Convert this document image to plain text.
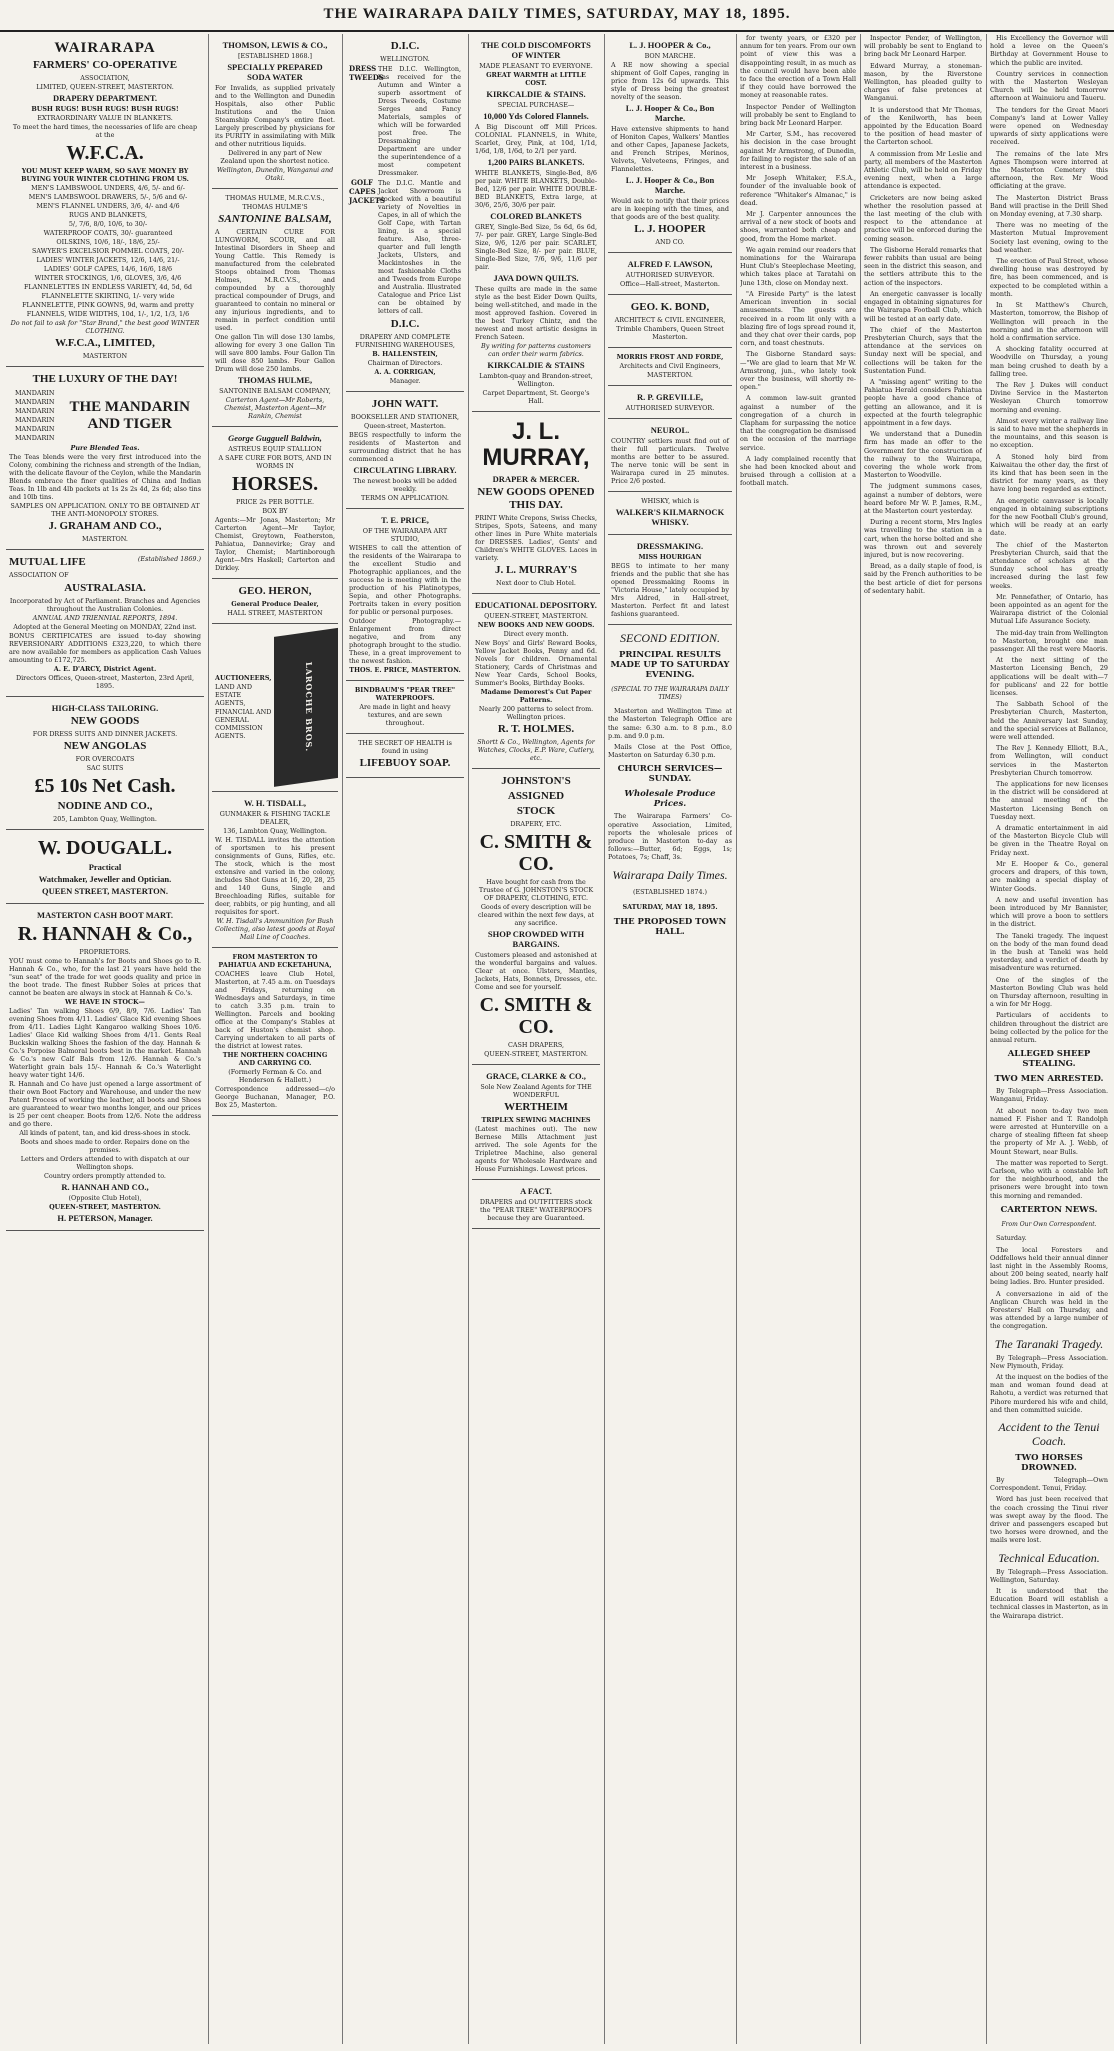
THE WAIRARAPA DAILY TIMES, SATURDAY, MAY 18, 1895.
WAIRARAPA
FARMERS' CO-OPERATIVE

ASSOCIATION,

LIMITED, QUEEN-STREET, MASTERTON.

DRAPERY DEPARTMENT.

BUSH RUGS! BUSH RUGS! BUSH RUGS!

EXTRAORDINARY VALUE IN BLANKETS.

To meet the hard times, the necessaries of life are cheap at the

W.F.C.A.

YOU MUST KEEP WARM, SO SAVE MONEY BY BUYING YOUR WINTER CLOTHING FROM US.

MEN'S LAMBSWOOL UNDERS, 4/6, 5/- and 6/-

MEN'S LAMBSWOOL DRAWERS, 5/-, 5/6 and 6/-

MEN'S FLANNEL UNDERS, 3/6, 4/- and 4/6

RUGS AND BLANKETS,

5/, 7/6, 8/0, 10/6, to 30/-

WATERPROOF COATS, 30/- guaranteed

OILSKINS, 10/6, 18/-, 18/6, 25/-

SAWYER'S EXCELSIOR POMMEL COATS, 20/-

LADIES' WINTER JACKETS, 12/6, 14/6, 21/-

LADIES' GOLF CAPES, 14/6, 16/6, 18/6

WINTER STOCKINGS, 1/6, GLOVES, 3/6, 4/6

FLANNELETTES IN ENDLESS VARIETY, 4d, 5d, 6d

FLANNELETTE SKIRTING, 1/- very wide

FLANNELETTE, PINK GOWNS, 9d, warm and pretty

FLANNELS, WIDE WIDTHS, 10d, 1/-, 1/2, 1/3, 1/6

Do not fail to ask for "Star Brand," the best good WINTER CLOTHING.

W.F.C.A., LIMITED,

MASTERTON

THE LUXURY OF THE DAY!

MANDARIN

MANDARIN

MANDARIN

MANDARIN

MANDARIN

MANDARIN

THE MANDARIN AND TIGER

Pure Blended Teas.

The Teas blends were the very first introduced into the Colony, combining the richness and strength of the Indian, with the delicate flavour of the Ceylon, while the Mandarin Blends embrace the finer qualities of China and Indian Teas. In 1lb and 4lb packets at 1s 2s 2s 4d, 2s 6d; also tins and 10lb tins.

SAMPLES ON APPLICATION. ONLY TO BE OBTAINED AT THE ANTI-MONOPOLY STORES.

J. GRAHAM AND CO.,

MASTERTON.

MUTUAL LIFE

ASSOCIATION OF

(Established 1869.)

AUSTRALASIA.

Incorporated by Act of Parliament. Branches and Agencies throughout the Australian Colonies.

ANNUAL AND TRIENNIAL REPORTS, 1894.

Adopted at the General Meeting on MONDAY, 22nd inst.

BONUS CERTIFICATES are issued to-day showing REVERSIONARY ADDITIONS £323,220, to which there are now available for members as application Cash Values amounting to £172,725.

A. E. D'ARCY, District Agent.

Directors Offices, Queen-street, Masterton, 23rd April, 1895.

HIGH-CLASS TAILORING.
NEW GOODS

FOR DRESS SUITS AND DINNER JACKETS.

NEW ANGOLAS

FOR OVERCOATS

SAC SUITS

£5 10s Net Cash.
NODINE AND CO.,

205, Lambton Quay, Wellington.

W. DOUGALL.
Practical
Watchmaker, Jeweller and Optician.
QUEEN STREET, MASTERTON.
MASTERTON CASH BOOT MART.
R. HANNAH & Co.,

PROPRIETORS.

YOU must come to Hannah's for Boots and Shoes go to R. Hannah & Co., who, for the last 21 years have held the "sun seat" of the trade for wet goods quality and price in the boot trade. The finest Rubber Soles at prices that cannot be beaten are always in stock at Hannah & Co.'s.

WE HAVE IN STOCK—

Ladies' Tan walking Shoes 6/9, 8/9, 7/6. Ladies' Tan evening Shoes from 4/11. Ladies' Glace Kid evening Shoes from 4/11. Ladies Light Kangaroo walking Shoes 10/6. Ladies' Glace Kid walking Shoes from 4/11. Gents Real Buckskin walking Shoes the fashion of the day. Hannah & Co.'s Porpoise Balmoral boots best in the market. Hannah & Co.'s new Calf Bals from 12/6. Hannah & Co.'s Waterlight grain bals 15/-. Hannah & Co.'s Waterlight heavy water tight 14/6.

R. Hannah and Co have just opened a large assortment of their own Boot Factory and Warehouse, and under the new Patent Process of working the leather, all boots and Shoes are guaranteed to wear two months longer, and our prices is 25 per cent cheaper. Boots from 12/6. Note the address and go there.

All kinds of patent, tan, and kid dress-shoes in stock.

Boots and shoes made to order. Repairs done on the premises.

Letters and Orders attended to with dispatch at our Wellington shops.

Country orders promptly attended to.

R. HANNAH AND CO.,

(Opposite Club Hotel),

QUEEN-STREET, MASTERTON.

H. PETERSON, Manager.
THOMSON, LEWIS & CO.,

[ESTABLISHED 1868.]

SPECIALLY PREPARED SODA WATER

For Invalids, as supplied privately and to the Wellington and Dunedin Hospitals, also other Public Institutions and the Union Steamship Company's entire fleet. Largely prescribed by physicians for its PURITY in assimilating with Milk and other nutritious liquids.

Delivered in any part of New Zealand upon the shortest notice.

Wellington, Dunedin, Wanganui and Otaki.

THOMAS HULME, M.R.C.V.S.,

THOMAS HULME'S

SANTONINE BALSAM,

A CERTAIN CURE FOR LUNGWORM, SCOUR, and all Intestinal Disorders in Sheep and Young Cattle. This Remedy is manufactured from the celebrated Stoops obtained from Thomas Holmes, M.R.C.V.S., and compounded by a thoroughly practical compounder of Drugs, and guaranteed to contain no mineral or any injurious ingredients, and to remain in perfect condition until used.

One gallon Tin will dose 130 lambs, allowing for every 3 one Gallon Tin will save 800 lambs. Four Gallon Tin will dose 850 lambs. Four Gallon Drum will dose 250 lambs.

THOMAS HULME,

SANTONINE BALSAM COMPANY,

Carterton Agent—Mr Roberts, Chemist, Masterton Agent—Mr Rankin, Chemist

George Gugguell Baldwin,

ASTREUS EQUIP STALLION

A SAFE CURE FOR BOTS, AND IN WORMS IN

HORSES.

PRICE 2s PER BOTTLE.

BOX BY

Agents:—Mr Jonas, Masterton; Mr Carterton Agent—Mr Taylor, Chemist, Greytown, Featherston, Pahiatua, Dannevirke; Gray and Taylor, Chemist; Martinborough Agent—Mrs Haskell; Carterton and Dirkley.

GEO. HERON,

General Produce Dealer,

HALL STREET, MASTERTON

AUCTIONEERS,

LAND AND ESTATE AGENTS,

FINANCIAL AND GENERAL COMMISSION AGENTS.	LAROCHE BROS.
W. H. TISDALL,

GUNMAKER & FISHING TACKLE DEALER,

136, Lambton Quay, Wellington.

W. H. TISDALL invites the attention of sportsmen to his present consignments of Guns, Rifles, etc. The stock, which is the most extensive and varied in the colony, includes Shot Guns at 16, 20, 28, 25 and 140 Guns, Single and Breechloading Rifles, suitable for deer, rabbits, or pig hunting, and all requisites for sport.

W. H. Tisdall's Ammunition for Bush Collecting, also latest goods at Royal Mail Line of Coaches.

FROM MASTERTON TO PAHIATUA AND ECKETAHUNA,

COACHES leave Club Hotel, Masterton, at 7.45 a.m. on Tuesdays and Fridays, returning on Wednesdays and Saturdays, in time to catch 3.35 p.m. train to Wellington. Parcels and booking office at the Company's Stables at back of Huston's chemist shop. Carrying undertaken to all parts of the district at lowest rates.

THE NORTHERN COACHING AND CARRYING CO.

(Formerly Ferman & Co. and Henderson & Hallett.)

Correspondence addressed—c/o George Buchanan, Manager, P.O. Box 25, Masterton.

D.I.C.

WELLINGTON.

DRESS
TWEEDS

THE D.I.C. Wellington, has received for the Autumn and Winter a superb assortment of Dress Tweeds, Costume Serges and Fancy Materials, samples of which will be forwarded post free. The Dressmaking Department are under the superintendence of a most competent Dressmaker.

GOLF
CAPES
JACKETS

The D.I.C. Mantle and Jacket Showroom is stocked with a beautiful variety of Novelties in Capes, in all of which the Golf Cape, with Tartan lining, is a special feature. Also, three-quarter and full length Jackets, Ulsters, and Mackintoshes in the most fashionable Cloths and Tweeds from Europe and Australia. Illustrated Catalogue and Price List can be obtained by letters of call.

D.I.C.

DRAPERY AND COMPLETE FURNISHING WAREHOUSES,

B. HALLENSTEIN,

Chairman of Directors.

A. A. CORRIGAN,

Manager.

JOHN WATT.

BOOKSELLER AND STATIONER,

Queen-street, Masterton.

BEGS respectfully to inform the residents of Masterton and surrounding district that he has commenced a

CIRCULATING LIBRARY.

The newest books will be added weekly.

TERMS ON APPLICATION.

T. E. PRICE,

OF THE WAIRARAPA ART STUDIO,

WISHES to call the attention of the residents of the Wairarapa to the excellent Studio and Photographic appliances, and the success he is meeting with in the production of his Platinotypes, Sepia, and other Photographs. Portraits taken in every position for public or personal purposes.

Outdoor Photography.—Enlargement from direct negative, and from any photograph brought to the studio. These, in a great improvement to the newest fashion.

THOS. E. PRICE, MASTERTON.

BINDBAUM'S "PEAR TREE" WATERPROOFS.

Are made in light and heavy textures, and are sewn throughout.

THE SECRET OF HEALTH is found in using

LIFEBUOY SOAP.
THE COLD DISCOMFORTS OF WINTER

MADE PLEASANT TO EVERYONE.

GREAT WARMTH at LITTLE COST.

KIRKCALDIE & STAINS.

SPECIAL PURCHASE—

10,000 Yds Colored Flannels.

A Big Discount off Mill Prices. COLONIAL FLANNELS, in White, Scarlet, Grey, Pink, at 10d, 1/1d, 1/6d, 1/8, 1/6d, to 2/1 per yard.

1,200 PAIRS BLANKETS.

WHITE BLANKETS, Single-Bed, 8/6 per pair. WHITE BLANKETS, Double-Bed, 12/6 per pair. WHITE DOUBLE-BED BLANKETS, Extra large, at 30/6, 25/6, 30/6 per pair.

COLORED BLANKETS

GREY, Single-Bed Size, 5s 6d, 6s 6d, 7/- per pair. GREY, Large Single-Bed Size, 9/6, 12/6 per pair. SCARLET, Single-Bed Size, 8/- per pair. BLUE, Single-Bed Size, 7/6, 9/6, 11/6 per pair.

JAVA DOWN QUILTS.

These quilts are made in the same style as the best Eider Down Quilts, being well-stitched, and made in the most approved fashion. Covered in the best Turkey Chintz, and the newest and most artistic designs in French Sateen.

By writing for patterns customers can order their warm fabrics.

KIRKCALDIE & STAINS

Lambton-quay and Brandon-street, Wellington.

Carpet Department, St. George's Hall.

J. L. MURRAY,
DRAPER & MERCER.
NEW GOODS OPENED THIS DAY.

PRINT White Crepons, Swiss Checks, Stripes, Spots, Sateens, and many other lines in Pure White materials for DRESSES. Ladies', Gents' and Children's WHITE GLOVES. Laces in variety.

J. L. MURRAY'S

Next door to Club Hotel.

EDUCATIONAL DEPOSITORY.

QUEEN-STREET, MASTERTON.

NEW BOOKS AND NEW GOODS.

Direct every month.

New Boys' and Girls' Reward Books, Yellow Jacket Books, Penny and 6d. Novels for children. Ornamental Stationery, Cards of Christmas and New Year Cards, School Books, Summer's Books, Birthday Books.

Madame Demorest's Cut Paper Patterns.

Nearly 200 patterns to select from. Wellington prices.

R. T. HOLMES.

Shortt & Co., Wellington, Agents for Watches, Clocks, E.P. Ware, Cutlery, etc.

JOHNSTON'S
ASSIGNED
STOCK

DRAPERY, ETC.

C. SMITH & CO.

Have bought for cash from the Trustee of G. JOHNSTON'S STOCK OF DRAPERY, CLOTHING, ETC.

Goods of every description will be cleared within the next few days, at any sacrifice.

SHOP CROWDED WITH BARGAINS.

Customers pleased and astonished at the wonderful bargains and values. Clear at once. Ulsters, Mantles, Jackets, Hats, Bonnets, Dresses, etc. Come and see for yourself.

C. SMITH & CO.

CASH DRAPERS,

QUEEN-STREET, MASTERTON.

GRACE, CLARKE & CO.,

Sole New Zealand Agents for THE WONDERFUL

WERTHEIM

TRIPLEX SEWING MACHINES

(Latest machines out). The new Bernese Mills Attachment just arrived. The sole Agents for the Tripletree Machine, also general agents for Wholesale Hardware and House Furnishings. Lowest prices.

A FACT.

DRAPERS and OUTFITTERS stock the "PEAR TREE" WATERPROOFS because they are Guaranteed.

L. J. HOOPER & Co.,

BON MARCHE.

A RE now showing a special shipment of Golf Capes, ranging in price from 12s 6d upwards. This style of Dress being the greatest novelty of the season.

L. J. Hooper & Co., Bon Marche.

Have extensive shipments to hand of Honiton Capes, Walkers' Mantles and other Capes, Japanese Jackets, and French Stripes, Merinos, Velvets, Velveteens, Fringes, and Flannelettes.

L. J. Hooper & Co., Bon Marche.

Would ask to notify that their prices are in keeping with the times, and that goods are of the best quality.

L. J. HOOPER

AND CO.

ALFRED F. LAWSON,

AUTHORISED SURVEYOR.

Office—Hall-street, Masterton.

GEO. K. BOND,

ARCHITECT & CIVIL ENGINEER,

Trimble Chambers, Queen Street Masterton.

MORRIS FROST AND FORDE,

Architects and Civil Engineers,

MASTERTON.

R. P. GREVILLE,

AUTHORISED SURVEYOR.

NEUROL.

COUNTRY settlers must find out of their full particulars. Twelve months are better to be assured. The nerve tonic will be sent in Wairarapa cured in 25 minutes. Price 2/6 posted.

WHISKY, which is

WALKER'S KILMARNOCK WHISKY.
DRESSMAKING.

MISS HOURIGAN

BEGS to intimate to her many friends and the public that she has opened Dressmaking Rooms in "Victoria House," lately occupied by Mrs Aldred, in Hall-street, Masterton. Perfect fit and latest fashions guaranteed.

SECOND EDITION.
PRINCIPAL RESULTS MADE UP TO SATURDAY EVENING.

(SPECIAL TO THE WAIRARAPA DAILY TIMES)

Masterton and Wellington Time at the Masterton Telegraph Office are the same: 6.30 a.m. to 8 p.m., 8.0 p.m. and 9.0 p.m.

Mails Close at the Post Office, Masterton on Saturday 6.30 p.m.

CHURCH SERVICES—SUNDAY.
Wholesale Produce Prices.

The Wairarapa Farmers' Co-operative Association, Limited, reports the wholesale prices of produce in Masterton to-day as follows:—Butter, 6d; Eggs, 1s; Potatoes, 7s; Chaff, 3s.

Wairarapa Daily Times.

(ESTABLISHED 1874.)

SATURDAY, MAY 18, 1895.

THE PROPOSED TOWN HALL.

for twenty years, or £320 per annum for ten years. From our own point of view this was a disappointing result, in as much as the council would have been able to face the erection of a Town Hall if they could have borrowed the money at reasonable rates.

Inspector Pender of Wellington will probably be sent to England to bring back Mr Leonard Harper.

Mr Carter, S.M., has recovered his decision in the case brought against Mr Armstrong, of Dunedin, for failing to register the sale of an interest in a business.

Mr Joseph Whitaker, F.S.A., founder of the invaluable book of reference "Whitaker's Almanac," is dead.

Mr J. Carpenter announces the arrival of a new stock of boots and shoes, warranted both cheap and good, from the Home market.

We again remind our readers that nominations for the Wairarapa Hunt Club's Steeplechase Meeting, which takes place at Taratahi on June 13th, close on Monday next.

"A Fireside Party" is the latest American invention in social amusements. The guests are received in a room lit only with a blazing fire of logs spread round it, and they chat over their cards, pop corn, and toast chestnuts.

The Gisborne Standard says:—"We are glad to learn that Mr W. Armstrong, jun., who lately took over the business, will shortly re-open."

A common law-suit granted against a number of the congregation of a church in Clapham for surpassing the notice that the congregation be dismissed on the occasion of the marriage service.

A lady complained recently that she had been knocked about and bruised through a collision at a football match.

Inspector Pender, of Wellington, will probably be sent to England to bring back Mr Leonard Harper.

Edward Murray, a stoneman-mason, by the Riverstone Wellington, has pleaded guilty to charges of false pretences at Wanganui.

It is understood that Mr Thomas, of the Kenilworth, has been appointed by the Education Board to the position of head master of the Carterton school.

A commission from Mr Leslie and party, all members of the Masterton Athletic Club, will be held on Friday evening next, when a large attendance is expected.

Cricketers are now being asked whether the resolution passed at the last meeting of the club with respect to the attendance at practice will be enforced during the coming season.

The Gisborne Herald remarks that fewer rabbits than usual are being seen in the district this season, and the settlers attribute this to the action of the inspectors.

An energetic canvasser is locally engaged in obtaining signatures for the Wairarapa Football Club, which will be tested at an early date.

The chief of the Masterton Presbyterian Church, says that the attendance at the services on Sunday next will be special, and collections will be taken for the Sustentation Fund.

A "missing agent" writing to the Pahiatua Herald considers Pahiatua people have a good chance of getting an allowance, and it is expected at the fourth telegraphic appointment in a few days.

We understand that a Dunedin firm has made an offer to the Government for the construction of the railway to the Wairarapa, covering the whole work from Masterton to Woodville.

The judgment summons cases, against a number of debtors, were heard before Mr W. P. James, R.M., at the Masterton court yesterday.

During a recent storm, Mrs Ingles was travelling to the station in a cart, when the horse bolted and she was thrown out and severely injured, but is now recovering.

Bread, as a daily staple of food, is said by the French authorities to be the best article of diet for persons of sedentary habit.

His Excellency the Governor will hold a levee on the Queen's Birthday at Government House to which the public are invited.

Country services in connection with the Masterton Wesleyan Church will be held tomorrow afternoon at Wainuioru and Taueru.

The tenders for the Great Maori Company's land at Lower Valley were opened on Wednesday upwards of sixty applications were received.

The remains of the late Mrs Agnes Thompson were interred at the Masterton Cemetery this afternoon, the Rev. Mr Wood officiating at the grave.

The Masterton District Brass Band will practise in the Drill Shed on Monday evening, at 7.30 sharp.

There was no meeting of the Masterton Mutual Improvement Society last evening, owing to the bad weather.

The erection of Paul Street, whose dwelling house was destroyed by fire, has been commenced, and is expected to be completed within a month.

In St Matthew's Church, Masterton, tomorrow, the Bishop of Wellington will preach in the morning and in the afternoon will hold a confirmation service.

A shocking fatality occurred at Woodville on Thursday, a young man being crushed to death by a falling tree.

The Rev J. Dukes will conduct Divine Service in the Masterton Wesleyan Church tomorrow morning and evening.

Almost every winter a railway line is said to have met the shepherds in the mountains, and this season is no exception.

A Stoned holy bird from Kaiwaitau the other day, the first of its kind that has been seen in the district for many years, as they have long been regarded as extinct.

An energetic canvasser is locally engaged in obtaining subscriptions for the new Football Club's ground, which will be ready at an early date.

The chief of the Masterton Presbyterian Church, said that the attendance of scholars at the Sunday school has greatly increased during the last few weeks.

Mr. Pennefather, of Ontario, has been appointed as an agent for the Wairarapa district of the Colonial Mutual Life Assurance Society.

The mid-day train from Wellington to Masterton, brought one man passenger. All the rest were Maoris.

At the next sitting of the Masterton Licensing Bench, 29 applications will be dealt with—7 for publicans' and 22 for bottle licenses.

The Sabbath School of the Presbyterian Church, Masterton, held the Anniversary last Sunday, and the special services at Ballance, were well attended.

The Rev J. Kennedy Elliott, B.A., from Wellington, will conduct services in the Masterton Presbyterian Church tomorrow.

The applications for new licenses in the district will be considered at the annual meeting of the Masterton Licensing Bench on Tuesday next.

A dramatic entertainment in aid of the Masterton Bicycle Club will be given in the Theatre Royal on Friday next.

Mr E. Hooper & Co., general grocers and drapers, of this town, are making a special display of Winter Goods.

A new and useful invention has been introduced by Mr Bannister, which will prove a boon to settlers in the district.

The Taneki tragedy. The inquest on the body of the man found dead in the bush at Taneki was held yesterday, and a verdict of death by misadventure was returned.

One of the singles of the Masterton Bowling Club was held on Thursday afternoon, resulting in a win for Mr Hogg.

Particulars of accidents to children throughout the district are being collected by the police for the annual return.

ALLEGED SHEEP STEALING.
TWO MEN ARRESTED.

By Telegraph—Press Association. Wanganui, Friday.

At about noon to-day two men named F. Fisher and T. Randolph were arrested at Hunterville on a charge of stealing fifteen fat sheep the property of Mr A. J. Webb, of Mount Stewart, near Bulls.

The matter was reported to Sergt. Carlson, who with a constable left for the neighbourhood, and the prisoners were brought into town this morning and remanded.

CARTERTON NEWS.

From Our Own Correspondent.

Saturday.

The local Foresters and Oddfellows held their annual dinner last night in the Assembly Rooms, about 200 being seated, nearly half being ladies. Bro. Hunter presided.

A conversazione in aid of the Anglican Church was held in the Foresters' Hall on Thursday, and was attended by a large number of the congregation.

The Taranaki Tragedy.

By Telegraph—Press Association. New Plymouth, Friday.

At the inquest on the bodies of the man and woman found dead at Rahotu, a verdict was returned that Pihore murdered his wife and child, and then committed suicide.

Accident to the Tenui Coach.
TWO HORSES DROWNED.

By Telegraph—Own Correspondent. Tenui, Friday.

Word has just been received that the coach crossing the Tinui river was swept away by the flood. The driver and passengers escaped but two horses were drowned, and the mails were lost.

Technical Education.

By Telegraph—Press Association. Wellington, Saturday.

It is understood that the Education Board will establish a technical classes in Masterton, as in the Wairarapa district.
